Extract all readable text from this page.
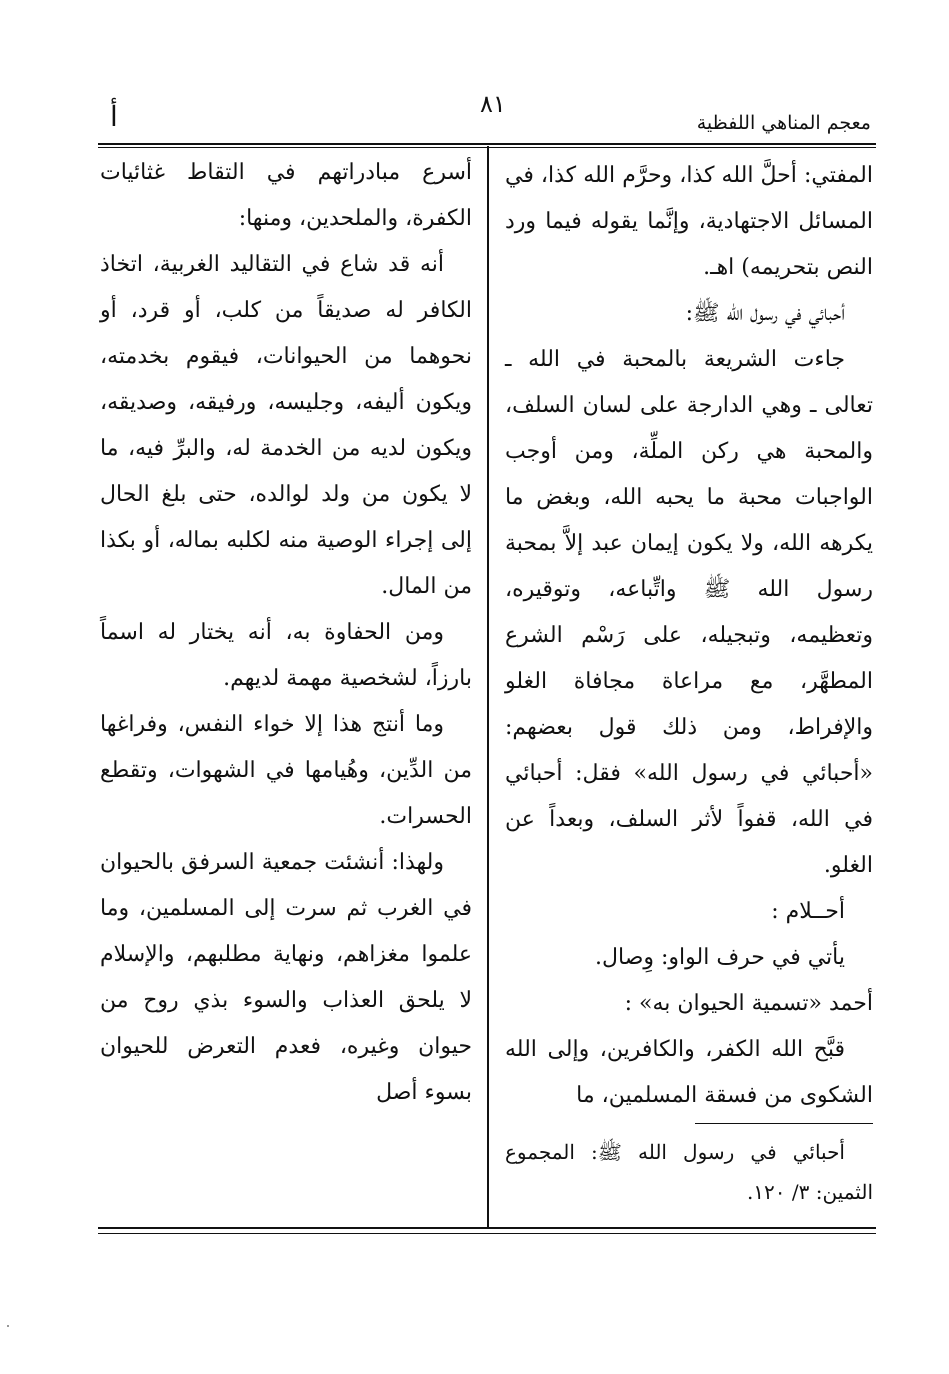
معجم المناهي اللفظية
٨١
أ

المفتي: أحلَّ الله كذا، وحرَّم الله كذا، في المسائل الاجتهادية، وإنَّما يقوله فيما ورد النص بتحريمه) اهـ.

أحبائي في رسول الله ﷺ:

جاءت الشريعة بالمحبة في الله ـ تعالى ـ وهي الدارجة على لسان السلف، والمحبة هي ركن الملِّة، ومن أوجب الواجبات محبة ما يحبه الله، وبغض ما يكرهه الله، ولا يكون إيمان عبد إلاَّ بمحبة رسول الله ﷺ واتِّباعه، وتوقيره، وتعظيمه، وتبجيله، على رَسْم الشرع المطهَّر، مع مراعاة مجافاة الغلو والإفراط، ومن ذلك قول بعضهم: «أحبائي في رسول الله» فقل: أحبائي في الله، قفواً لأثر السلف، وبعداً عن الغلو.

أحــلام :

يأتي في حرف الواو: وِصال.

أحمد «تسمية الحيوان به» :

قبَّح الله الكفر، والكافرين، وإلى الله الشكوى من فسقة المسلمين، ما

أحبائي في رسول الله ﷺ: المجموع الثمين: ٣/ ١٢٠.

أسرع مبادراتهم في التقاط غثائيات الكفرة، والملحدين، ومنها:

أنه قد شاع في التقاليد الغربية، اتخاذ الكافر له صديقاً من كلب، أو قرد، أو نحوهما من الحيوانات، فيقوم بخدمته، ويكون أليفه، وجليسه، ورفيقه، وصديقه، ويكون لديه من الخدمة له، والبرِّ فيه، ما لا يكون من ولد لوالده، حتى بلغ الحال إلى إجراء الوصية منه لكلبه بماله، أو بكذا من المال.

ومن الحفاوة به، أنه يختار له اسماً بارزاً، لشخصية مهمة لديهم.

وما أنتج هذا إلا خواء النفس، وفراغها من الدِّين، وهُيامها في الشهوات، وتقطع الحسرات.

ولهذا: أنشئت جمعية السرفق بالحيوان في الغرب ثم سرت إلى المسلمين، وما علموا مغزاهم، ونهاية مطلبهم، والإسلام لا يلحق العذاب والسوء بذي روح من حيوان وغيره، فعدم التعرض للحيوان بسوء أصل
